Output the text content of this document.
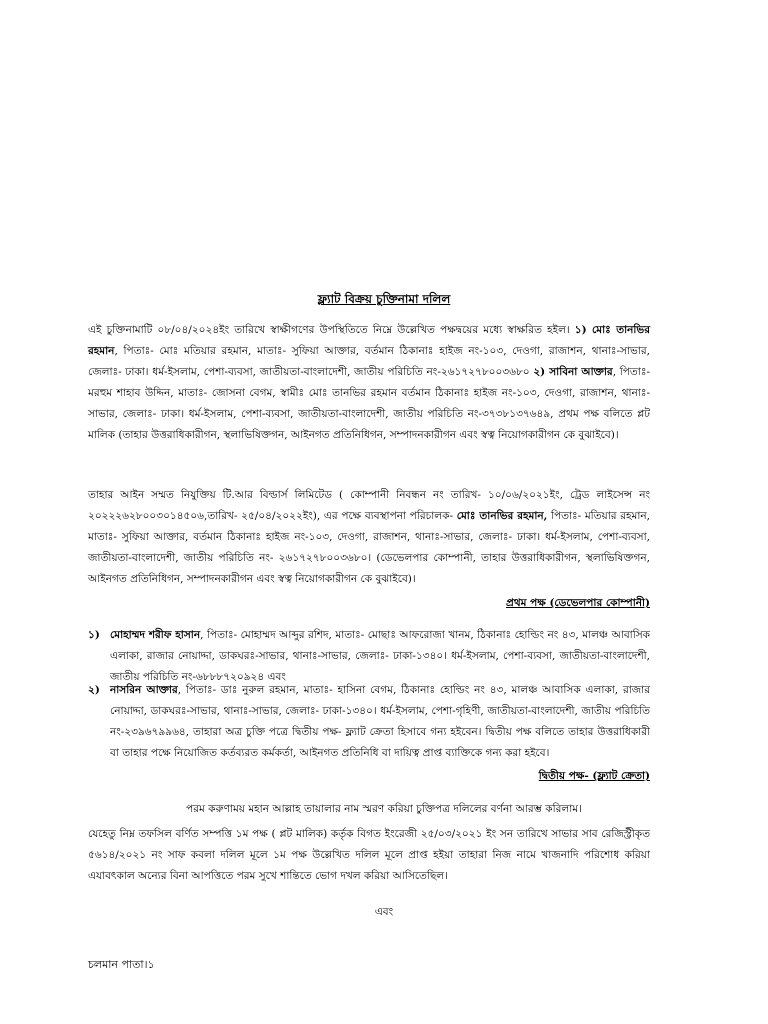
ফ্ল্যাট বিক্রয় চুক্তিনামা দলিল
এই চুক্তিনামাটি ০৮/০৪/২০২৪ইং তারিখে স্বাক্ষীগণের উপস্থিতিতে নিম্নে উল্লেখিত পক্ষদ্বয়ের মধ্যে স্বাক্ষরিত হইল। ১) মোঃ তানভির রহমান, পিতাঃ- মোঃ মতিয়ার রহমান, মাতাঃ- সুফিয়া আক্তার, বর্তমান ঠিকানাঃ হাইজ নং-১০৩, দেওগা, রাজাশন, থানাঃ-সাভার, জেলাঃ- ঢাকা। ধর্ম-ইসলাম, পেশা-ব্যবসা, জাতীয়তা-বাংলাদেশী, জাতীয় পরিচিতি নং-২৬১৭২৭৮০০৩৬৮০ ২) সাবিনা আক্তার, পিতাঃ- মরহুম শাহাব উদ্দিন, মাতাঃ- জোসনা বেগম, স্বামীঃ মোঃ তানভির রহমান বর্তমান ঠিকানাঃ হাইজ নং-১০৩, দেওগা, রাজাশন, থানাঃ-সাভার, জেলাঃ- ঢাকা। ধর্ম-ইসলাম, পেশা-ব্যবসা, জাতীয়তা-বাংলাদেশী, জাতীয় পরিচিতি নং-৩৭৩৮১৩৭৬৪৯, প্রথম পক্ষ বলিতে প্লট মালিক (তাহার উত্তরাধিকারীগন, স্থলাভিষিক্তগন, আইনগত প্রতিনিধিগন, সম্পাদনকারীগন এবং স্বত্ব নিয়োগকারীগন কে বুঝাইবে)।
তাহার আইন সম্মত নিযুক্তিয় টি.আর বিল্ডার্স লিমিটেড ( কোম্পানী নিবন্ধন নং তারিখ- ১০/০৬/২০২১ইং, ট্রেড লাইসেন্স নং ২০২২২৬২৮০০৩০১৪৫০৬,তারিখ- ২৫/০৪/২০২২ইং), এর পক্ষে ব্যবস্থাপনা পরিচালক- মোঃ তানভির রহমান, পিতাঃ- মতিয়ার রহমান, মাতাঃ- সুফিয়া আক্তার, বর্তমান ঠিকানাঃ হাইজ নং-১০৩, দেওগা, রাজাশন, থানাঃ-সাভার, জেলাঃ- ঢাকা। ধর্ম-ইসলাম, পেশা-ব্যবসা, জাতীয়তা-বাংলাদেশী, জাতীয় পরিচিতি নং- ২৬১৭২৭৮০০৩৬৮০। (ডেভেলপার কোম্পানী, তাহার উত্তরাধিকারীগন, স্থলাভিষিক্তগন, আইনগত প্রতিনিধিগন, সম্পাদনকারীগন এবং স্বত্ব নিয়োগকারীগন কে বুঝাইবে)।
প্রথম পক্ষ (ডেভেলপার কোম্পানী)
১) মোহাম্মদ শরীফ হাসান, পিতাঃ- মোহাম্মদ আব্দুর রশিদ, মাতাঃ- মোছাঃ আফরোজা খানম, ঠিকানাঃ হোল্ডিং নং ৪৩, মালঞ্চ আবাসিক এলাকা, রাজার নোয়াদ্দা, ডাকঘরঃ-সাভার, থানাঃ-সাভার, জেলাঃ- ঢাকা-১৩৪০। ধর্ম-ইসলাম, পেশা-ব্যবসা, জাতীয়তা-বাংলাদেশী, জাতীয় পরিচিতি নং-৬৮৮৮৭২০৯২৪ এবং
২) নাসরিন আক্তার, পিতাঃ- ডাঃ নুরুল রহমান, মাতাঃ- হাসিনা বেগম, ঠিকানাঃ হোল্ডিং নং ৪৩, মালঞ্চ আবাসিক এলাকা, রাজার নোয়াদ্দা, ডাকঘরঃ-সাভার, থানাঃ-সাভার, জেলাঃ- ঢাকা-১৩৪০। ধর্ম-ইসলাম, পেশা-গৃহিণী, জাতীয়তা-বাংলাদেশী, জাতীয় পরিচিতি নং-২৩৯৬৭৯৯৬৪, তাহারা অত্র চুক্তি পত্রে দ্বিতীয় পক্ষ- ফ্ল্যাট ক্রেতা হিসাবে গন্য হইবেন। দ্বিতীয় পক্ষ বলিতে তাহার উত্তরাধিকারী বা তাহার পক্ষে নিয়োজিত কর্তব্যরত কর্মকর্তা, আইনগত প্রতিনিধি বা দায়িত্ব প্রাপ্ত ব্যাক্তিকে গন্য করা হইবে।
দ্বিতীয় পক্ষ- (ফ্ল্যাট ক্রেতা)
পরম করুণাময় মহান আল্লাহ তায়ালার নাম স্মরণ করিয়া চুক্তিপত্র দলিলের বর্ণনা আরম্ভ করিলাম।
যেহেতু নিম্ন তফসিল বর্ণিত সম্পত্তি ১ম পক্ষ ( প্লট মালিক) কর্তৃক বিগত ইংরেজী ২৫/০৩/২০২১ ইং সন তারিখে সাভার সাব রেজিস্ট্রীকৃত ৫৬১৪/২০২১ নং সাফ কবলা দলিল মূলে ১ম পক্ষ উল্লেখিত দলিল মূলে প্রাপ্ত হইয়া তাহারা নিজ নামে খাজনাদি পরিশোধ করিয়া এযাবৎকাল অন্যের বিনা আপত্তিতে পরম সুখে শান্তিতে ভোগ দখল করিয়া আসিতেছিল।
এবং
চলমান পাতা।১
